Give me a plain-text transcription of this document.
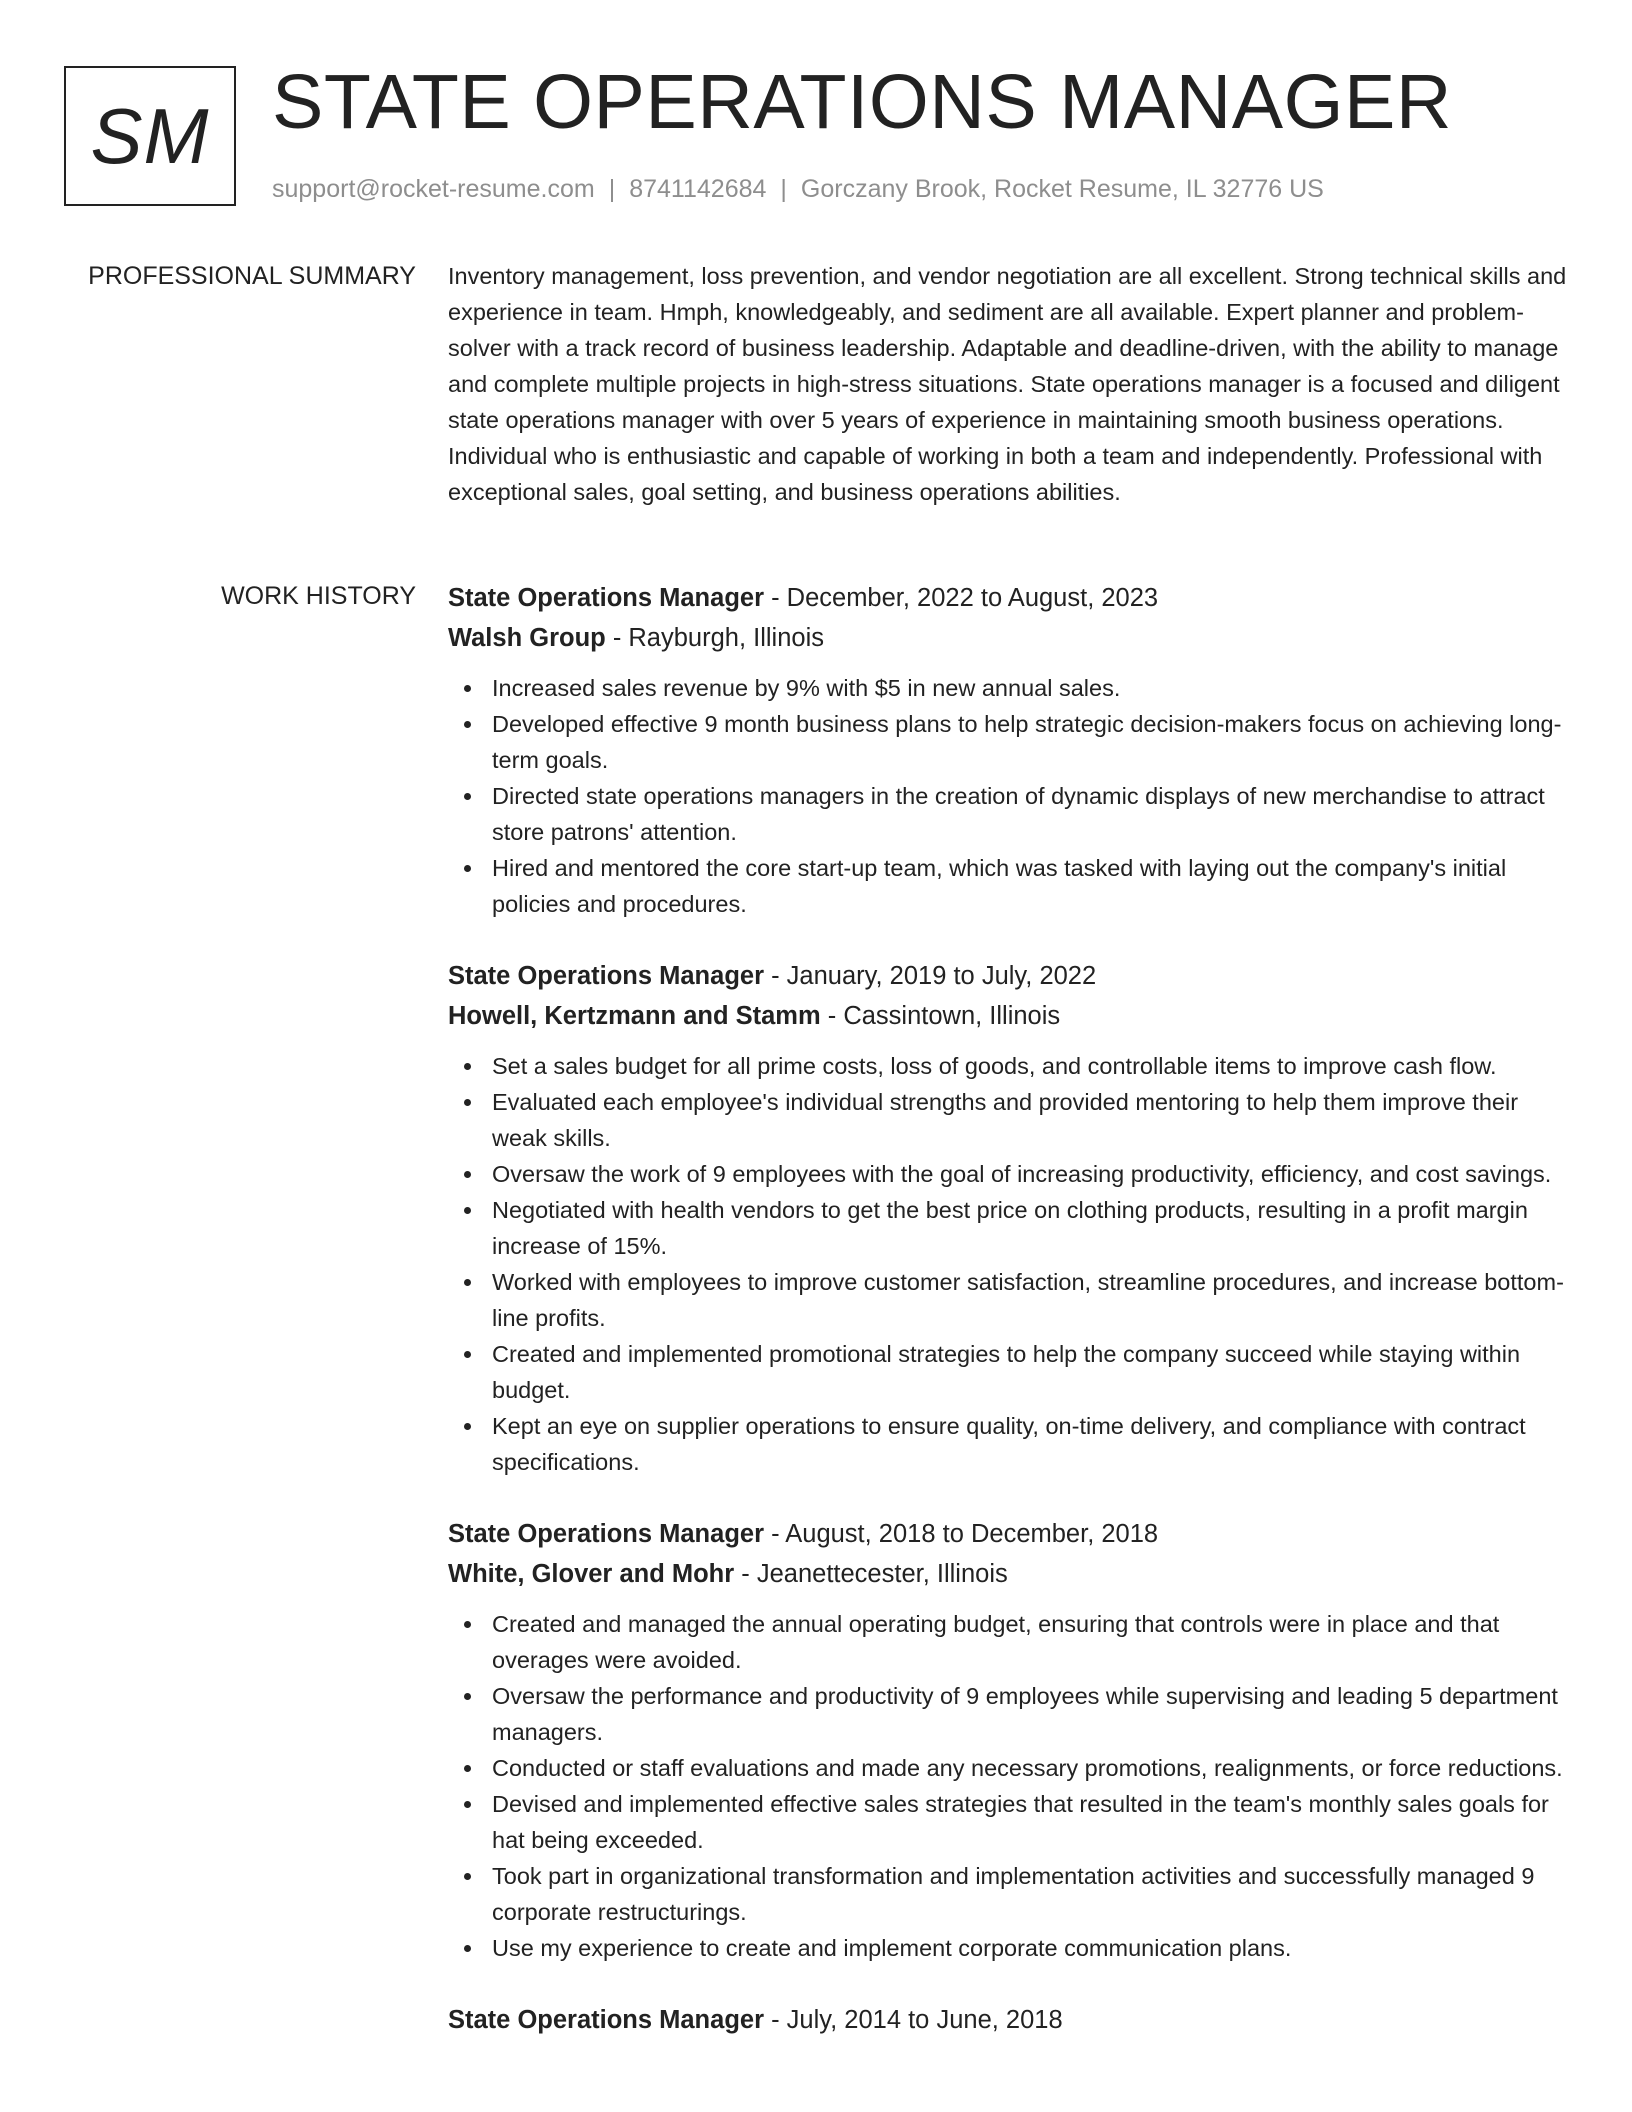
SM STATE OPERATIONS MANAGER
support@rocket-resume.com | 8741142684 | Gorczany Brook, Rocket Resume, IL 32776 US
PROFESSIONAL SUMMARY Inventory management, loss prevention, and vendor negotiation are all excellent. Strong technical skills and experience in team. Hmph, knowledgeably, and sediment are all available. Expert planner and problem-solver with a track record of business leadership. Adaptable and deadline-driven, with the ability to manage and complete multiple projects in high-stress situations. State operations manager is a focused and diligent state operations manager with over 5 years of experience in maintaining smooth business operations. Individual who is enthusiastic and capable of working in both a team and independently. Professional with exceptional sales, goal setting, and business operations abilities.

WORK HISTORY State Operations Manager - December, 2022 to August, 2023
Walsh Group - Rayburgh, Illinois
Increased sales revenue by 9% with $5 in new annual sales.
Developed effective 9 month business plans to help strategic decision-makers focus on achieving long-term goals.
Directed state operations managers in the creation of dynamic displays of new merchandise to attract store patrons' attention.
Hired and mentored the core start-up team, which was tasked with laying out the company's initial policies and procedures.
State Operations Manager - January, 2019 to July, 2022
Howell, Kertzmann and Stamm - Cassintown, Illinois
Set a sales budget for all prime costs, loss of goods, and controllable items to improve cash flow.
Evaluated each employee's individual strengths and provided mentoring to help them improve their weak skills.
Oversaw the work of 9 employees with the goal of increasing productivity, efficiency, and cost savings.
Negotiated with health vendors to get the best price on clothing products, resulting in a profit margin increase of 15%.
Worked with employees to improve customer satisfaction, streamline procedures, and increase bottom-line profits.
Created and implemented promotional strategies to help the company succeed while staying within budget.
Kept an eye on supplier operations to ensure quality, on-time delivery, and compliance with contract specifications.
State Operations Manager - August, 2018 to December, 2018
White, Glover and Mohr - Jeanettecester, Illinois
Created and managed the annual operating budget, ensuring that controls were in place and that overages were avoided.
Oversaw the performance and productivity of 9 employees while supervising and leading 5 department managers.
Conducted or staff evaluations and made any necessary promotions, realignments, or force reductions.
Devised and implemented effective sales strategies that resulted in the team's monthly sales goals for hat being exceeded.
Took part in organizational transformation and implementation activities and successfully managed 9 corporate restructurings.
Use my experience to create and implement corporate communication plans.
State Operations Manager - July, 2014 to June, 2018
